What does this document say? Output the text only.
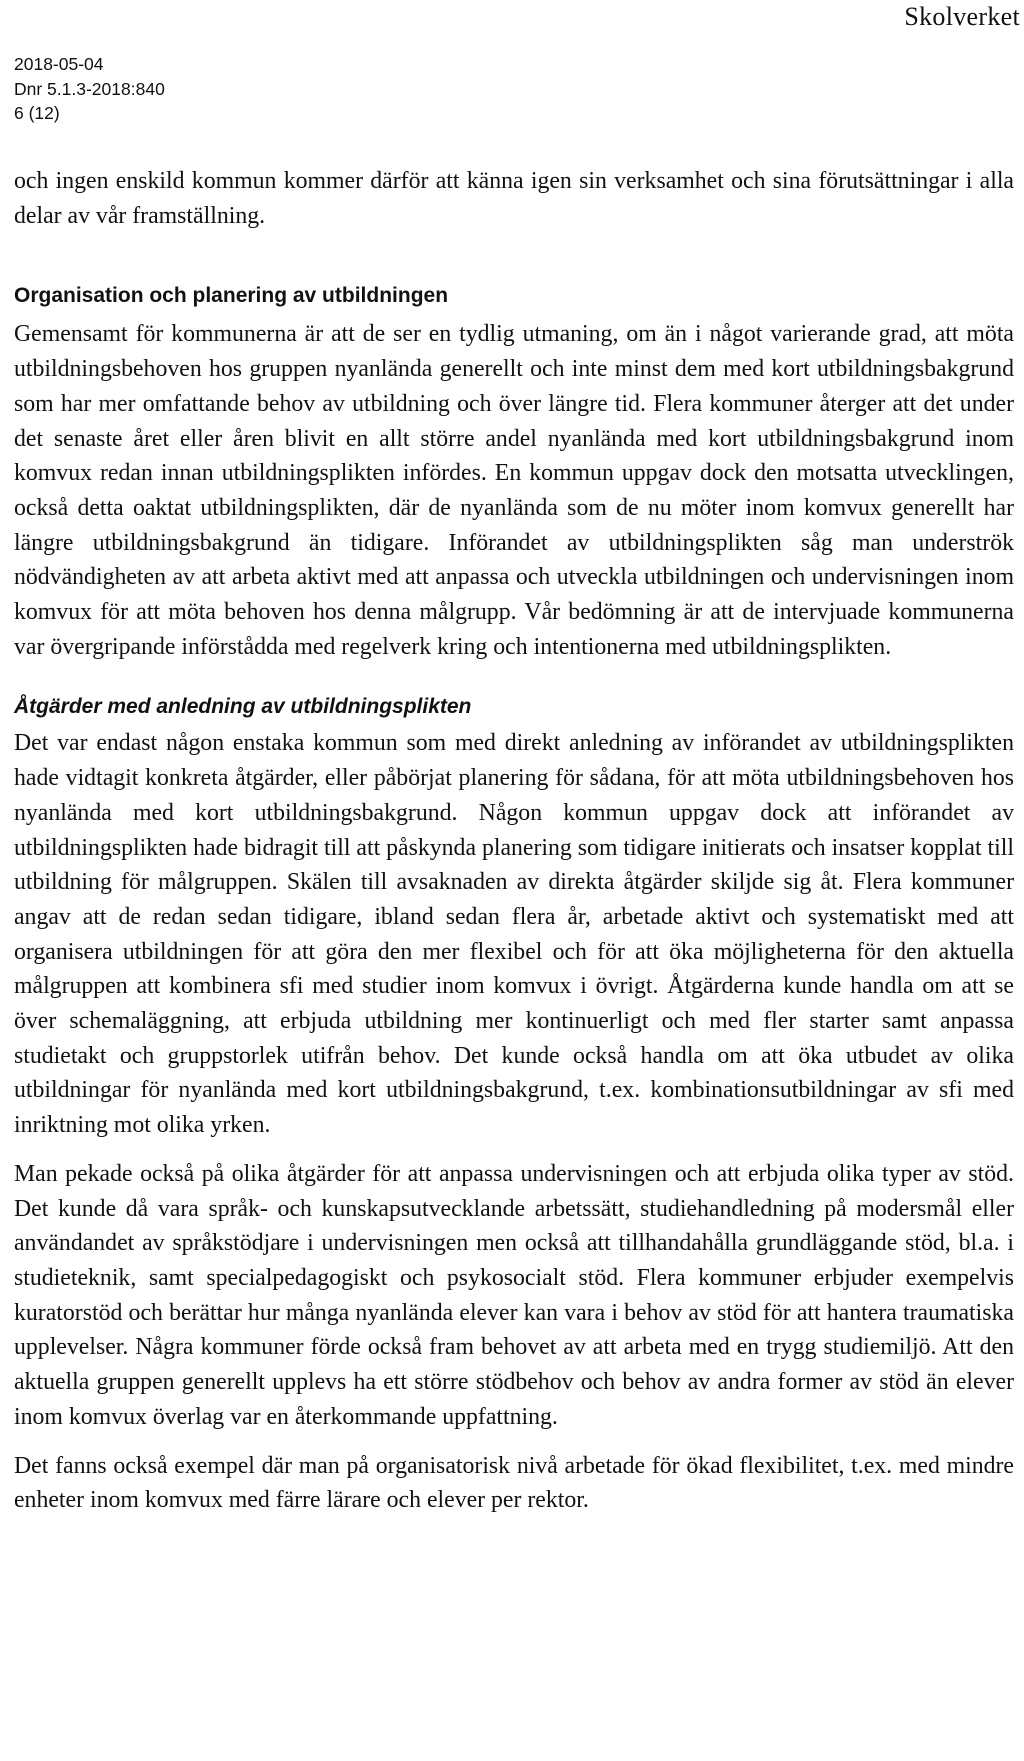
Skolverket
2018-05-04
Dnr 5.1.3-2018:840
6 (12)

och ingen enskild kommun kommer därför att känna igen sin verksamhet och sina förutsättningar i alla delar av vår framställning.

Organisation och planering av utbildningen

Gemensamt för kommunerna är att de ser en tydlig utmaning, om än i något varierande grad, att möta utbildningsbehoven hos gruppen nyanlända generellt och inte minst dem med kort utbildningsbakgrund som har mer omfattande behov av utbildning och över längre tid. Flera kommuner återger att det under det senaste året eller åren blivit en allt större andel nyanlända med kort utbildningsbakgrund inom komvux redan innan utbildningsplikten infördes. En kommun uppgav dock den motsatta utvecklingen, också detta oaktat utbildningsplikten, där de nyanlända som de nu möter inom komvux generellt har längre utbildningsbakgrund än tidigare. Införandet av utbildningsplikten såg man underströk nödvändigheten av att arbeta aktivt med att anpassa och utveckla utbildningen och undervisningen inom komvux för att möta behoven hos denna målgrupp. Vår bedömning är att de intervjuade kommunerna var övergripande införstådda med regelverk kring och intentionerna med utbildningsplikten.

Åtgärder med anledning av utbildningsplikten

Det var endast någon enstaka kommun som med direkt anledning av införandet av utbildningsplikten hade vidtagit konkreta åtgärder, eller påbörjat planering för sådana, för att möta utbildningsbehoven hos nyanlända med kort utbildningsbakgrund. Någon kommun uppgav dock att införandet av utbildningsplikten hade bidragit till att påskynda planering som tidigare initierats och insatser kopplat till utbildning för målgruppen. Skälen till avsaknaden av direkta åtgärder skiljde sig åt. Flera kommuner angav att de redan sedan tidigare, ibland sedan flera år, arbetade aktivt och systematiskt med att organisera utbildningen för att göra den mer flexibel och för att öka möjligheterna för den aktuella målgruppen att kombinera sfi med studier inom komvux i övrigt. Åtgärderna kunde handla om att se över schemaläggning, att erbjuda utbildning mer kontinuerligt och med fler starter samt anpassa studietakt och gruppstorlek utifrån behov. Det kunde också handla om att öka utbudet av olika utbildningar för nyanlända med kort utbildningsbakgrund, t.ex. kombinationsutbildningar av sfi med inriktning mot olika yrken.

Man pekade också på olika åtgärder för att anpassa undervisningen och att erbjuda olika typer av stöd. Det kunde då vara språk- och kunskapsutvecklande arbetssätt, studiehandledning på modersmål eller användandet av språkstödjare i undervisningen men också att tillhandahålla grundläggande stöd, bl.a. i studieteknik, samt specialpedagogiskt och psykosocialt stöd. Flera kommuner erbjuder exempelvis kuratorstöd och berättar hur många nyanlända elever kan vara i behov av stöd för att hantera traumatiska upplevelser. Några kommuner förde också fram behovet av att arbeta med en trygg studiemiljö. Att den aktuella gruppen generellt upplevs ha ett större stödbehov och behov av andra former av stöd än elever inom komvux överlag var en återkommande uppfattning.

Det fanns också exempel där man på organisatorisk nivå arbetade för ökad flexibilitet, t.ex. med mindre enheter inom komvux med färre lärare och elever per rektor.
